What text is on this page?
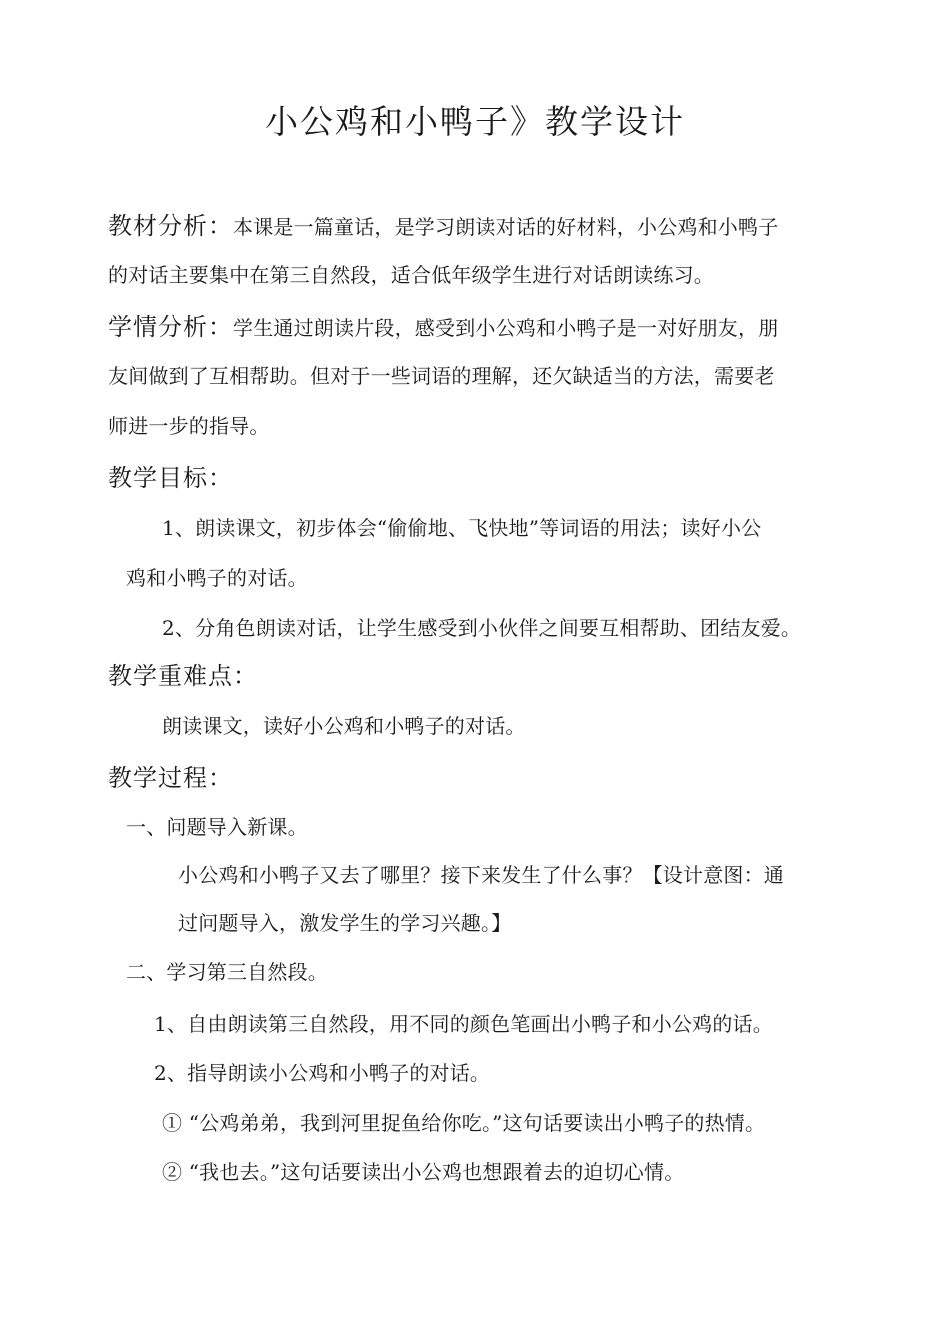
小公鸡和小鸭子》教学设计
教材分析：本课是一篇童话，是学习朗读对话的好材料，小公鸡和小鸭子
的对话主要集中在第三自然段，适合低年级学生进行对话朗读练习。
学情分析：学生通过朗读片段，感受到小公鸡和小鸭子是一对好朋友，朋
友间做到了互相帮助。但对于一些词语的理解，还欠缺适当的方法，需要老
师进一步的指导。
教学目标：
1、朗读课文，初步体会“偷偷地、飞快地”等词语的用法；读好小公
鸡和小鸭子的对话。
2、分角色朗读对话，让学生感受到小伙伴之间要互相帮助、团结友爱。
教学重难点：
朗读课文，读好小公鸡和小鸭子的对话。
教学过程：
一、问题导入新课。
小公鸡和小鸭子又去了哪里？接下来发生了什么事？【设计意图：通
过问题导入，激发学生的学习兴趣。】
二、学习第三自然段。
1、自由朗读第三自然段，用不同的颜色笔画出小鸭子和小公鸡的话。
2、指导朗读小公鸡和小鸭子的对话。
① “公鸡弟弟，我到河里捉鱼给你吃。”这句话要读出小鸭子的热情。
② “我也去。”这句话要读出小公鸡也想跟着去的迫切心情。
